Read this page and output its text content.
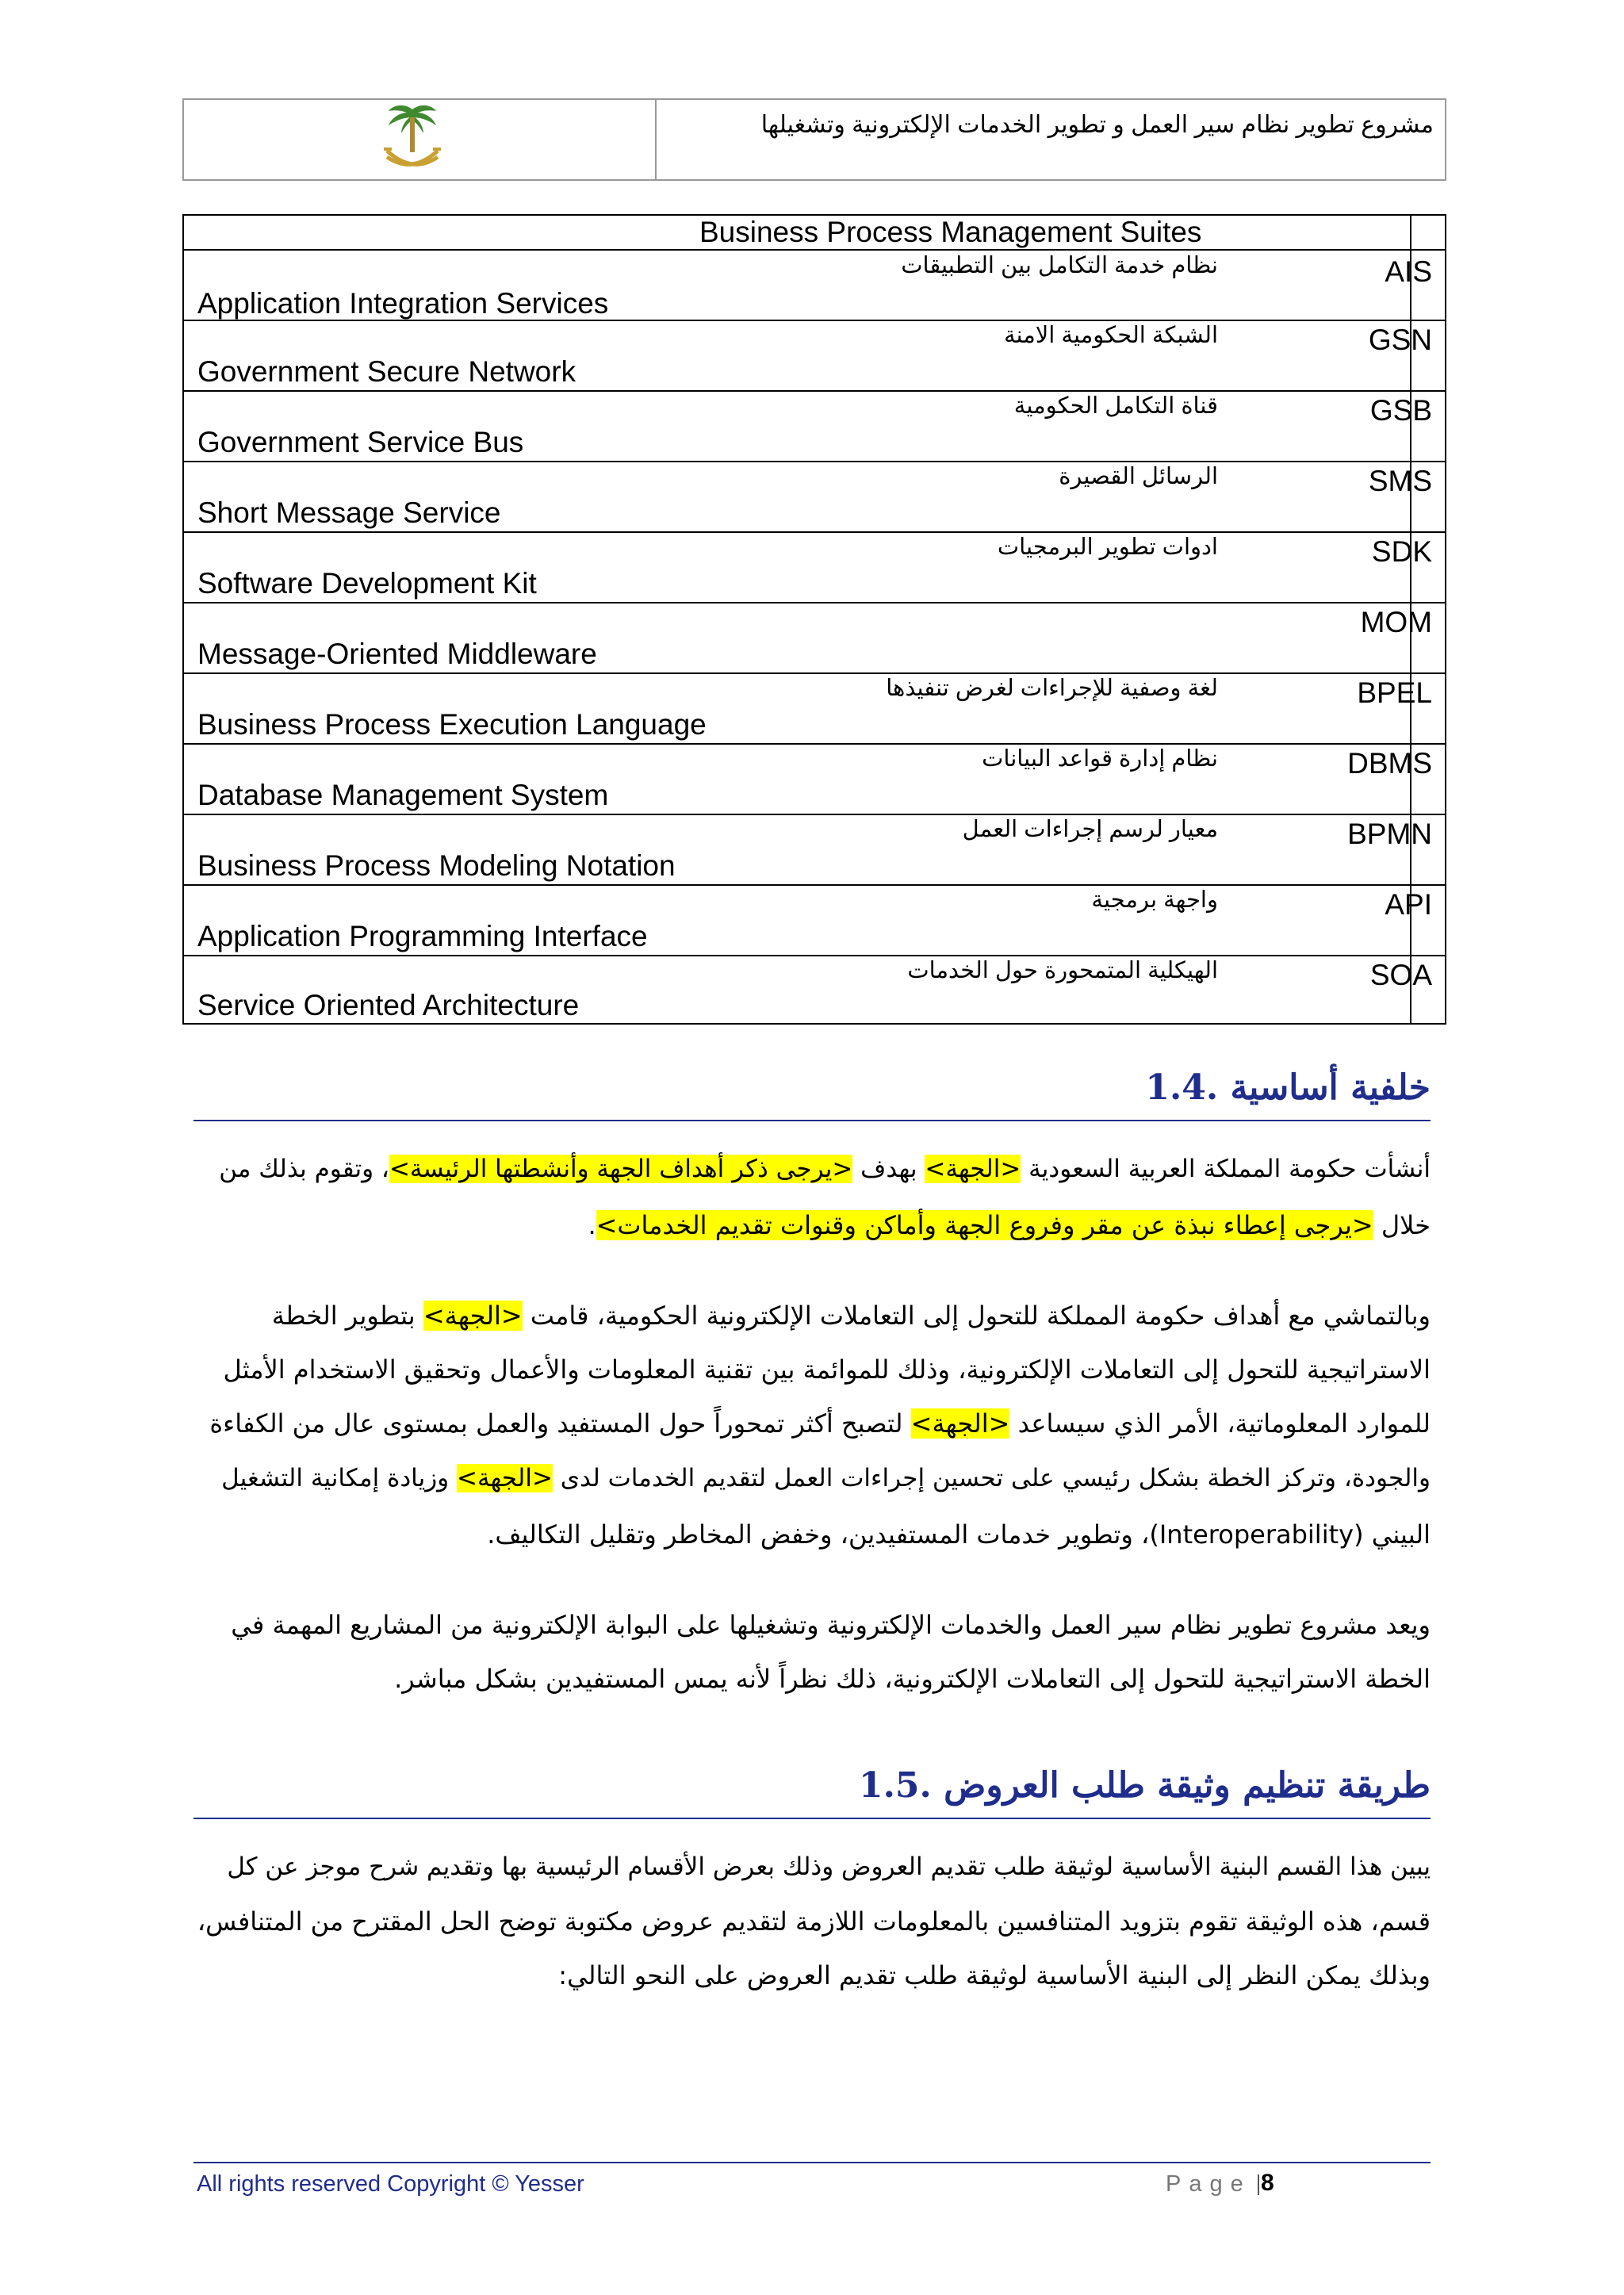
مشروع تطوير نظام سير العمل و تطوير الخدمات الإلكترونية وتشغيلها
Business Process Management Suites
AIS
نظام خدمة التكامل بين التطبيقات
Application Integration Services
GSN
الشبكة الحكومية الامنة
Government Secure Network
GSB
قناة التكامل الحكومية
Government Service Bus
SMS
الرسائل القصيرة
Short Message Service
SDK
ادوات تطوير البرمجيات
Software Development Kit
MOM
Message-Oriented Middleware
BPEL
لغة وصفية للإجراءات لغرض تنفيذها
Business Process Execution Language
DBMS
نظام إدارة قواعد البيانات
Database Management System
BPMN
معيار لرسم إجراءات العمل
Business Process Modeling Notation
API
واجهة برمجية
Application Programming Interface
SOA
الهيكلية المتمحورة حول الخدمات
Service Oriented Architecture
1.4. خلفية أساسية
أنشأت حكومة المملكة العربية السعودية <الجهة> بهدف <يرجى ذكر أهداف الجهة وأنشطتها الرئيسة>، وتقوم بذلك من
خلال <يرجى إعطاء نبذة عن مقر وفروع الجهة وأماكن وقنوات تقديم الخدمات>.
وبالتماشي مع أهداف حكومة المملكة للتحول إلى التعاملات الإلكترونية الحكومية، قامت <الجهة> بتطوير الخطة
الاستراتيجية للتحول إلى التعاملات الإلكترونية، وذلك للموائمة بين تقنية المعلومات والأعمال وتحقيق الاستخدام الأمثل
للموارد المعلوماتية، الأمر الذي سيساعد <الجهة> لتصبح أكثر تمحوراً حول المستفيد والعمل بمستوى عال من الكفاءة
والجودة، وتركز الخطة بشكل رئيسي على تحسين إجراءات العمل لتقديم الخدمات لدى <الجهة> وزيادة إمكانية التشغيل
البيني (Interoperability)، وتطوير خدمات المستفيدين، وخفض المخاطر وتقليل التكاليف.
ويعد مشروع تطوير نظام سير العمل والخدمات الإلكترونية وتشغيلها على البوابة الإلكترونية من المشاريع المهمة في
الخطة الاستراتيجية للتحول إلى التعاملات الإلكترونية، ذلك نظراً لأنه يمس المستفيدين بشكل مباشر.
1.5. طريقة تنظيم وثيقة طلب العروض
يبين هذا القسم البنية الأساسية لوثيقة طلب تقديم العروض وذلك بعرض الأقسام الرئيسية بها وتقديم شرح موجز عن كل
قسم، هذه الوثيقة تقوم بتزويد المتنافسين بالمعلومات اللازمة لتقديم عروض مكتوبة توضح الحل المقترح من المتنافس،
وبذلك يمكن النظر إلى البنية الأساسية لوثيقة طلب تقديم العروض على النحو التالي:
All rights reserved Copyright © Yesser	Page 8
